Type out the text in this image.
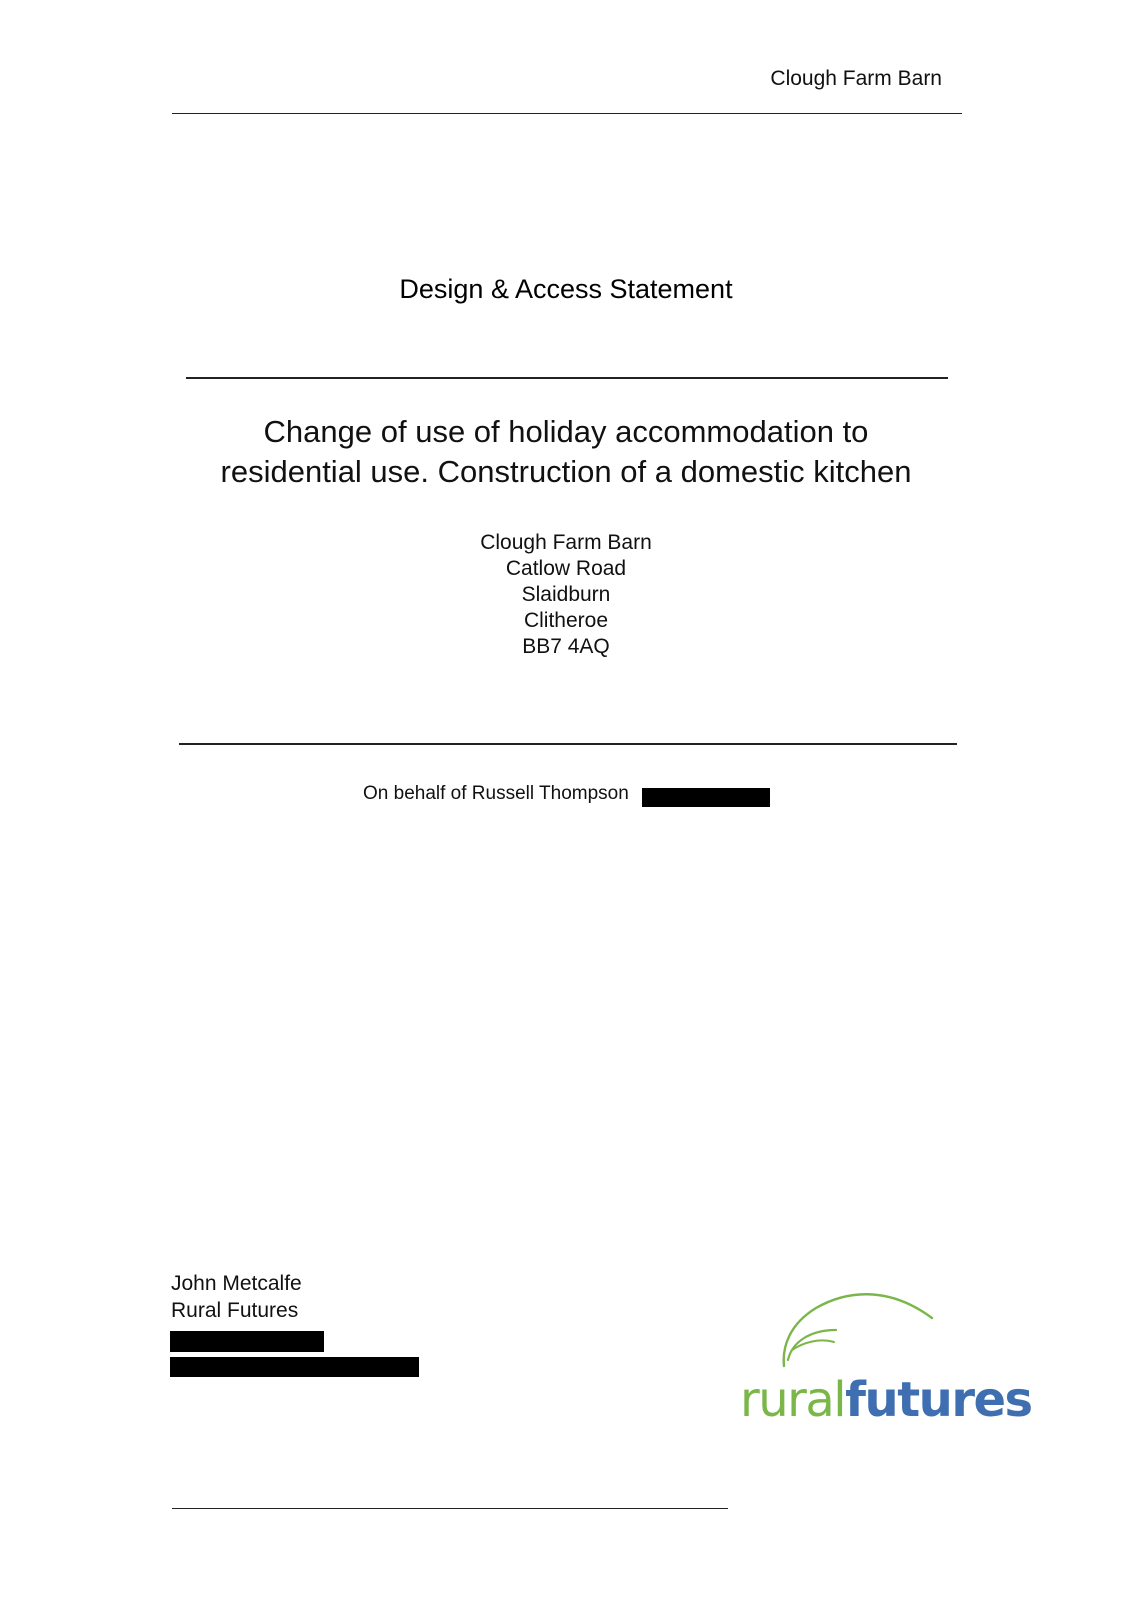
Clough Farm Barn
Design & Access Statement
Change of use of holiday accommodation to
residential use. Construction of a domestic kitchen
Clough Farm Barn
Catlow Road
Slaidburn
Clitheroe
BB7 4AQ
On behalf of Russell Thompson
John Metcalfe
Rural Futures
ruralfutures
